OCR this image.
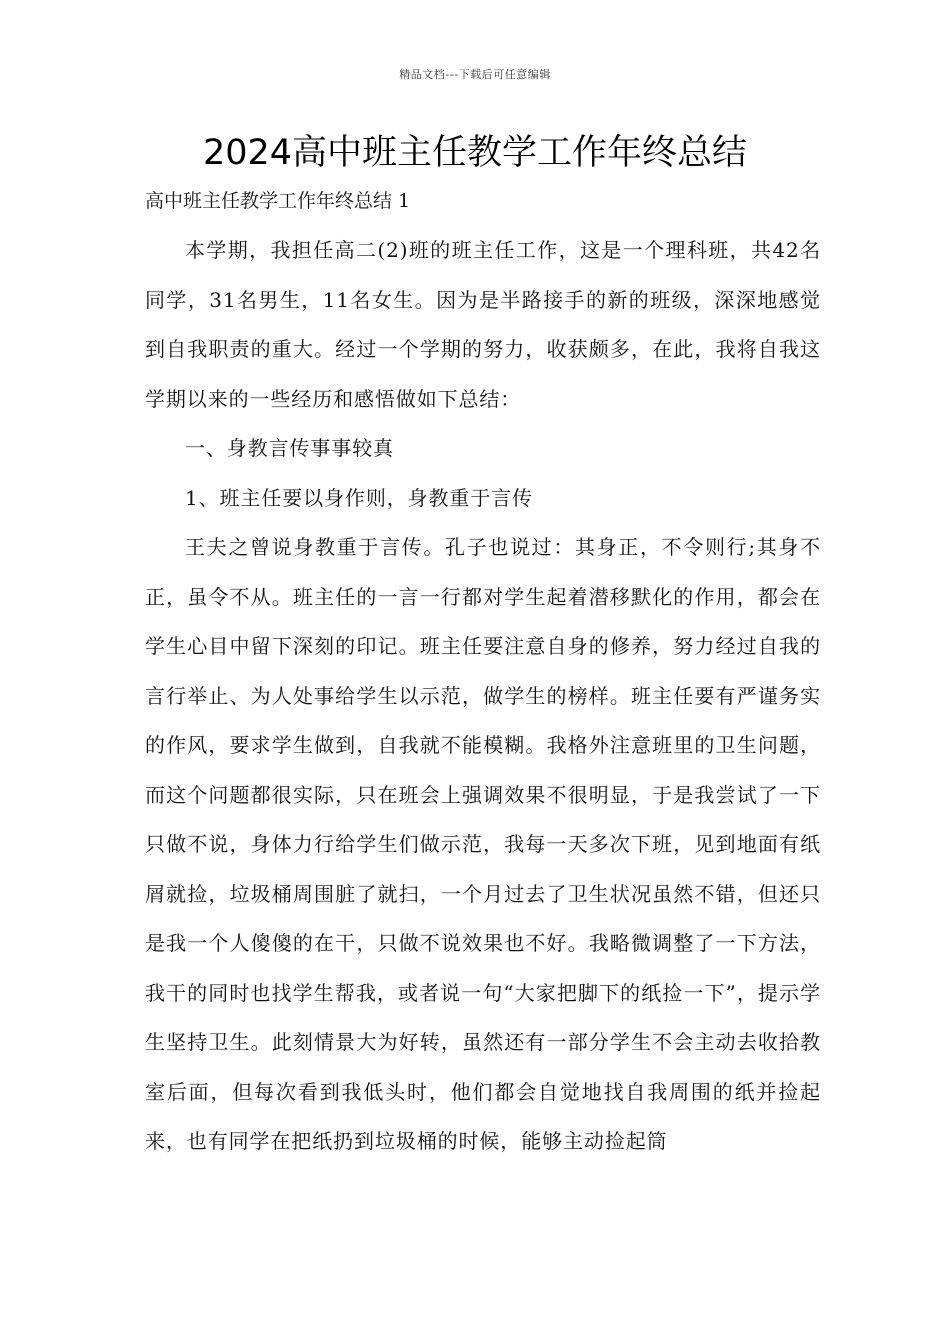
精品文档---下载后可任意编辑
2024高中班主任教学工作年终总结
高中班主任教学工作年终总结 1

本学期，我担任高二(2)班的班主任工作，这是一个理科班，共42名同学，31名男生，11名女生。因为是半路接手的新的班级，深深地感觉到自我职责的重大。经过一个学期的努力，收获颇多，在此，我将自我这学期以来的一些经历和感悟做如下总结：

一、身教言传事事较真

1、班主任要以身作则，身教重于言传

王夫之曾说身教重于言传。孔子也说过：其身正，不令则行;其身不正，虽令不从。班主任的一言一行都对学生起着潜移默化的作用，都会在学生心目中留下深刻的印记。班主任要注意自身的修养，努力经过自我的言行举止、为人处事给学生以示范，做学生的榜样。班主任要有严谨务实的作风，要求学生做到，自我就不能模糊。我格外注意班里的卫生问题，而这个问题都很实际，只在班会上强调效果不很明显，于是我尝试了一下只做不说，身体力行给学生们做示范，我每一天多次下班，见到地面有纸屑就捡，垃圾桶周围脏了就扫，一个月过去了卫生状况虽然不错，但还只是我一个人傻傻的在干，只做不说效果也不好。我略微调整了一下方法，我干的同时也找学生帮我，或者说一句“大家把脚下的纸捡一下”，提示学生坚持卫生。此刻情景大为好转，虽然还有一部分学生不会主动去收拾教室后面，但每次看到我低头时，他们都会自觉地找自我周围的纸并捡起来，也有同学在把纸扔到垃圾桶的时候，能够主动捡起筒
